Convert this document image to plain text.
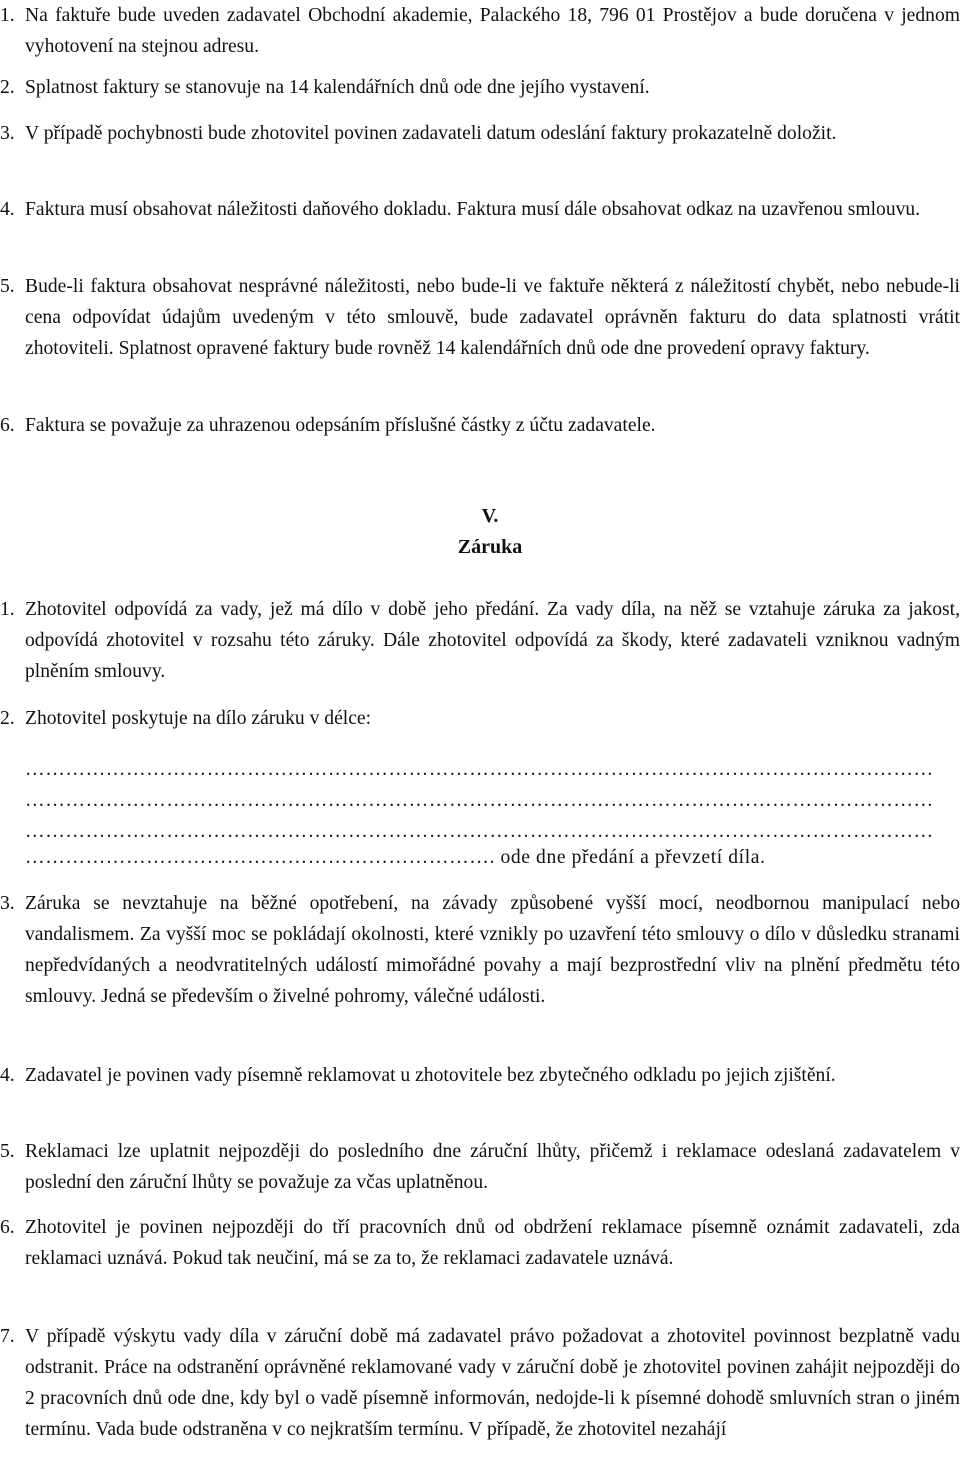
1. Na faktuře bude uveden zadavatel Obchodní akademie, Palackého 18, 796 01 Prostějov a bude doručena v jednom vyhotovení na stejnou adresu.

2. Splatnost faktury se stanovuje na 14 kalendářních dnů ode dne jejího vystavení.

3. V případě pochybnosti bude zhotovitel povinen zadavateli datum odeslání faktury prokazatelně doložit.

4. Faktura musí obsahovat náležitosti daňového dokladu. Faktura musí dále obsahovat odkaz na uzavřenou smlouvu.

5. Bude-li faktura obsahovat nesprávné náležitosti, nebo bude-li ve faktuře některá z náležitostí chybět, nebo nebude-li cena odpovídat údajům uvedeným v této smlouvě, bude zadavatel oprávněn fakturu do data splatnosti vrátit zhotoviteli. Splatnost opravené faktury bude rovněž 14 kalendářních dnů ode dne provedení opravy faktury.

6. Faktura se považuje za uhrazenou odepsáním příslušné částky z účtu zadavatele.

V.

Záruka

1. Zhotovitel odpovídá za vady, jež má dílo v době jeho předání. Za vady díla, na něž se vztahuje záruka za jakost, odpovídá zhotovitel v rozsahu této záruky. Dále zhotovitel odpovídá za škody, které zadavateli vzniknou vadným plněním smlouvy.

2. Zhotovitel poskytuje na dílo záruku v délce:

………………………………………………………………………………………………………………………
………………………………………………………………………………………………………………………
………………………………………………………………………………………………………………………
……………………………………………………………. ode dne předání a převzetí díla.

3. Záruka se nevztahuje na běžné opotřebení, na závady způsobené vyšší mocí, neodbornou manipulací nebo vandalismem. Za vyšší moc se pokládají okolnosti, které vznikly po uzavření této smlouvy o dílo v důsledku stranami nepředvídaných a neodvratitelných událostí mimořádné povahy a mají bezprostřední vliv na plnění předmětu této smlouvy. Jedná se především o živelné pohromy, válečné události.

4. Zadavatel je povinen vady písemně reklamovat u zhotovitele bez zbytečného odkladu po jejich zjištění.

5. Reklamaci lze uplatnit nejpozději do posledního dne záruční lhůty, přičemž i reklamace odeslaná zadavatelem v poslední den záruční lhůty se považuje za včas uplatněnou.

6. Zhotovitel je povinen nejpozději do tří pracovních dnů od obdržení reklamace písemně oznámit zadavateli, zda reklamaci uznává. Pokud tak neučiní, má se za to, že reklamaci zadavatele uznává.

7. V případě výskytu vady díla v záruční době má zadavatel právo požadovat a zhotovitel povinnost bezplatně vadu odstranit. Práce na odstranění oprávněné reklamované vady v záruční době je zhotovitel povinen zahájit nejpozději do 2 pracovních dnů ode dne, kdy byl o vadě písemně informován, nedojde-li k písemné dohodě smluvních stran o jiném termínu. Vada bude odstraněna v co nejkratším termínu. V případě, že zhotovitel nezahájí
